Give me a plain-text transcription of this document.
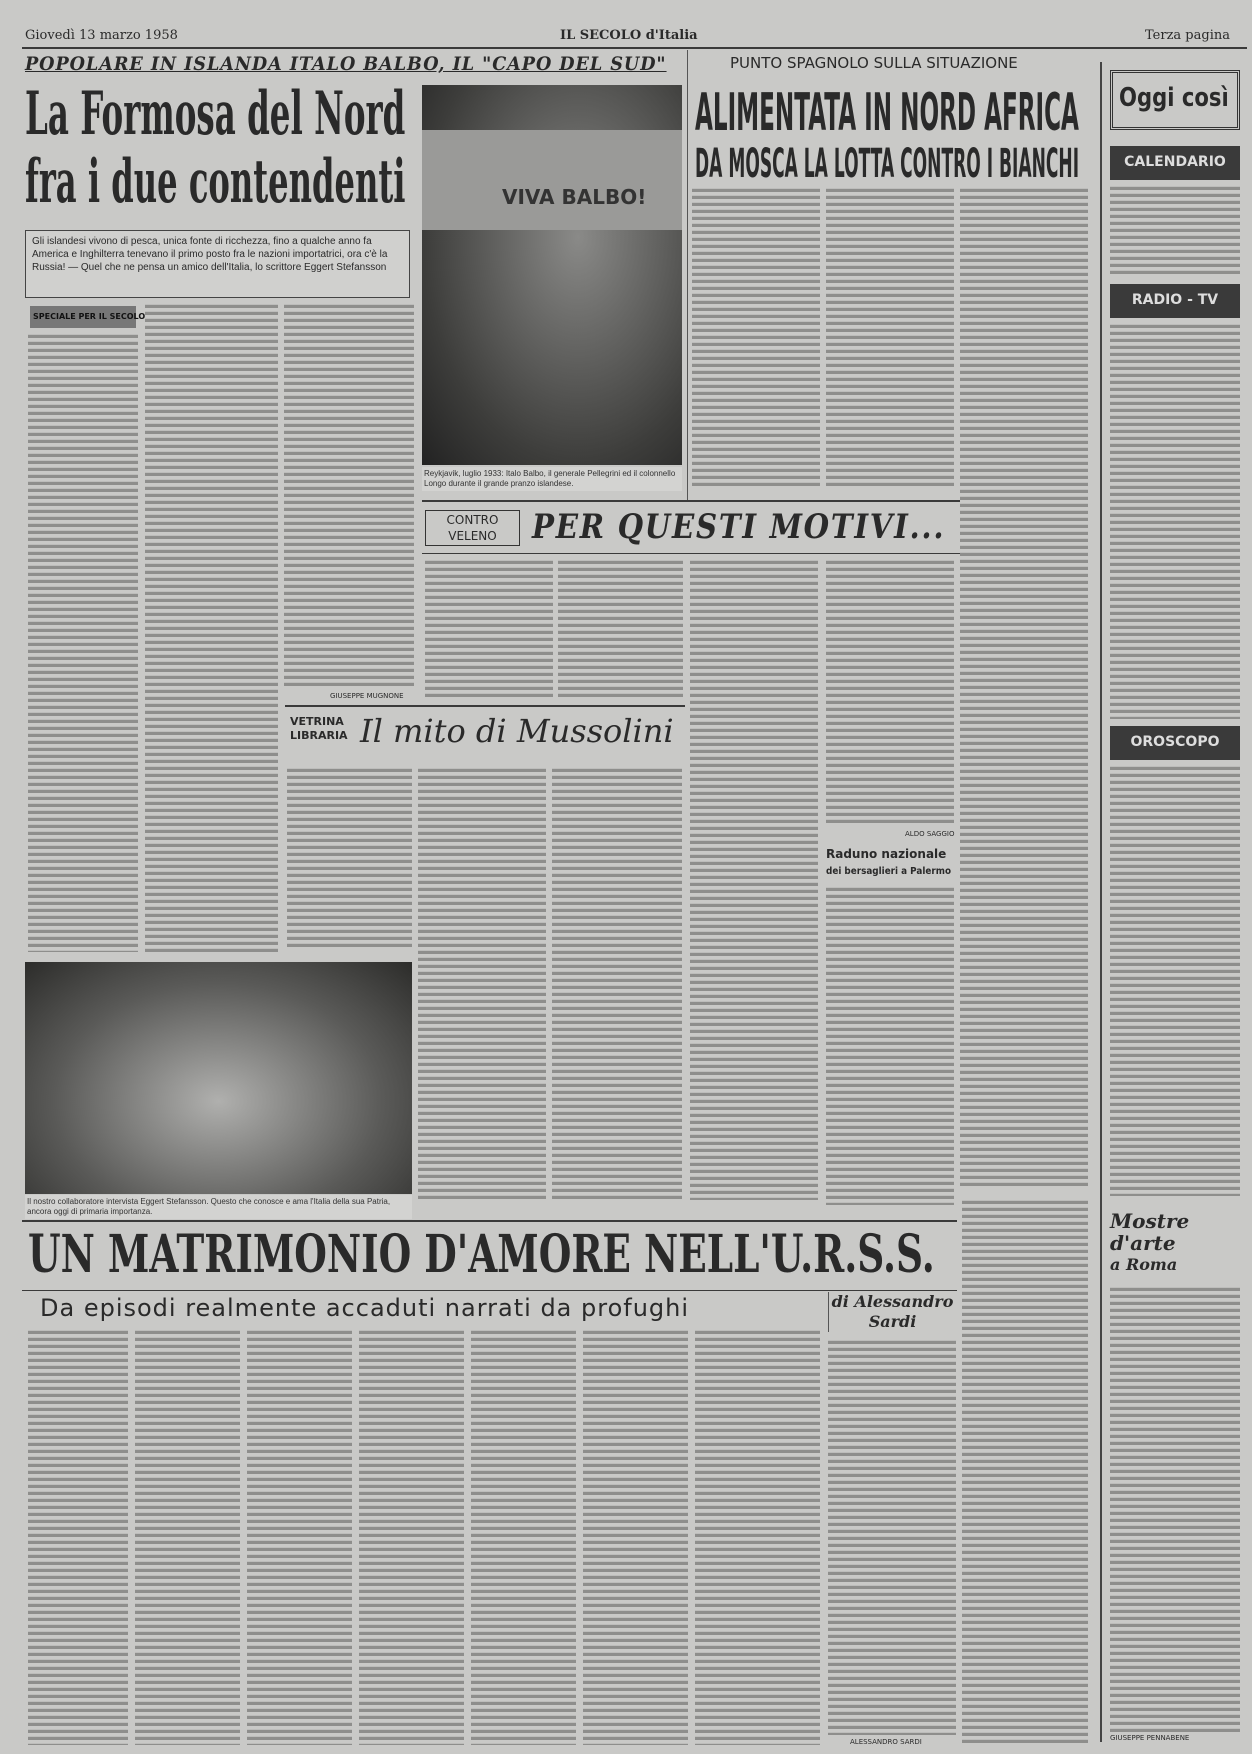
Giovedì 13 marzo 1958	IL SECOLO d'Italia	Terza pagina
POPOLARE IN ISLANDA ITALO BALBO, IL "CAPO DEL SUD"
La Formosa del Nord
fra i due contendenti
Gli islandesi vivono di pesca, unica fonte di ricchezza, fino a qualche anno fa America e Inghilterra tenevano il primo posto fra le nazioni importatrici, ora c'è la Russia! — Quel che ne pensa un amico dell'Italia, lo scrittore Eggert Stefansson
SPECIALE PER IL SECOLO
GIUSEPPE MUGNONE
VIVA BALBO!
Reykjavik, luglio 1933: Italo Balbo, il generale Pellegrini ed il colonnello Longo durante il grande pranzo islandese.
PUNTO SPAGNOLO SULLA SITUAZIONE
ALIMENTATA IN NORD AFRICA
DA MOSCA LA LOTTA CONTRO I BIANCHI
Oggi così
CALENDARIO
RADIO - TV
OROSCOPO
Mostre
d'arte
a Roma
GIUSEPPE PENNABENE
CONTRO
VELENO	PER QUESTI MOTIVI...
ALDO SAGGIO
Raduno nazionale
dei bersaglieri a Palermo
VETRINA
LIBRARIA Il mito di Mussolini
Il nostro collaboratore intervista Eggert Stefansson. Questo che conosce e ama l'Italia della sua Patria, ancora oggi di primaria importanza.
UN MATRIMONIO D'AMORE NELL'U.R.S.S.
Da episodi realmente accaduti narrati da profughi	di Alessandro
Sardi
ALESSANDRO SARDI
